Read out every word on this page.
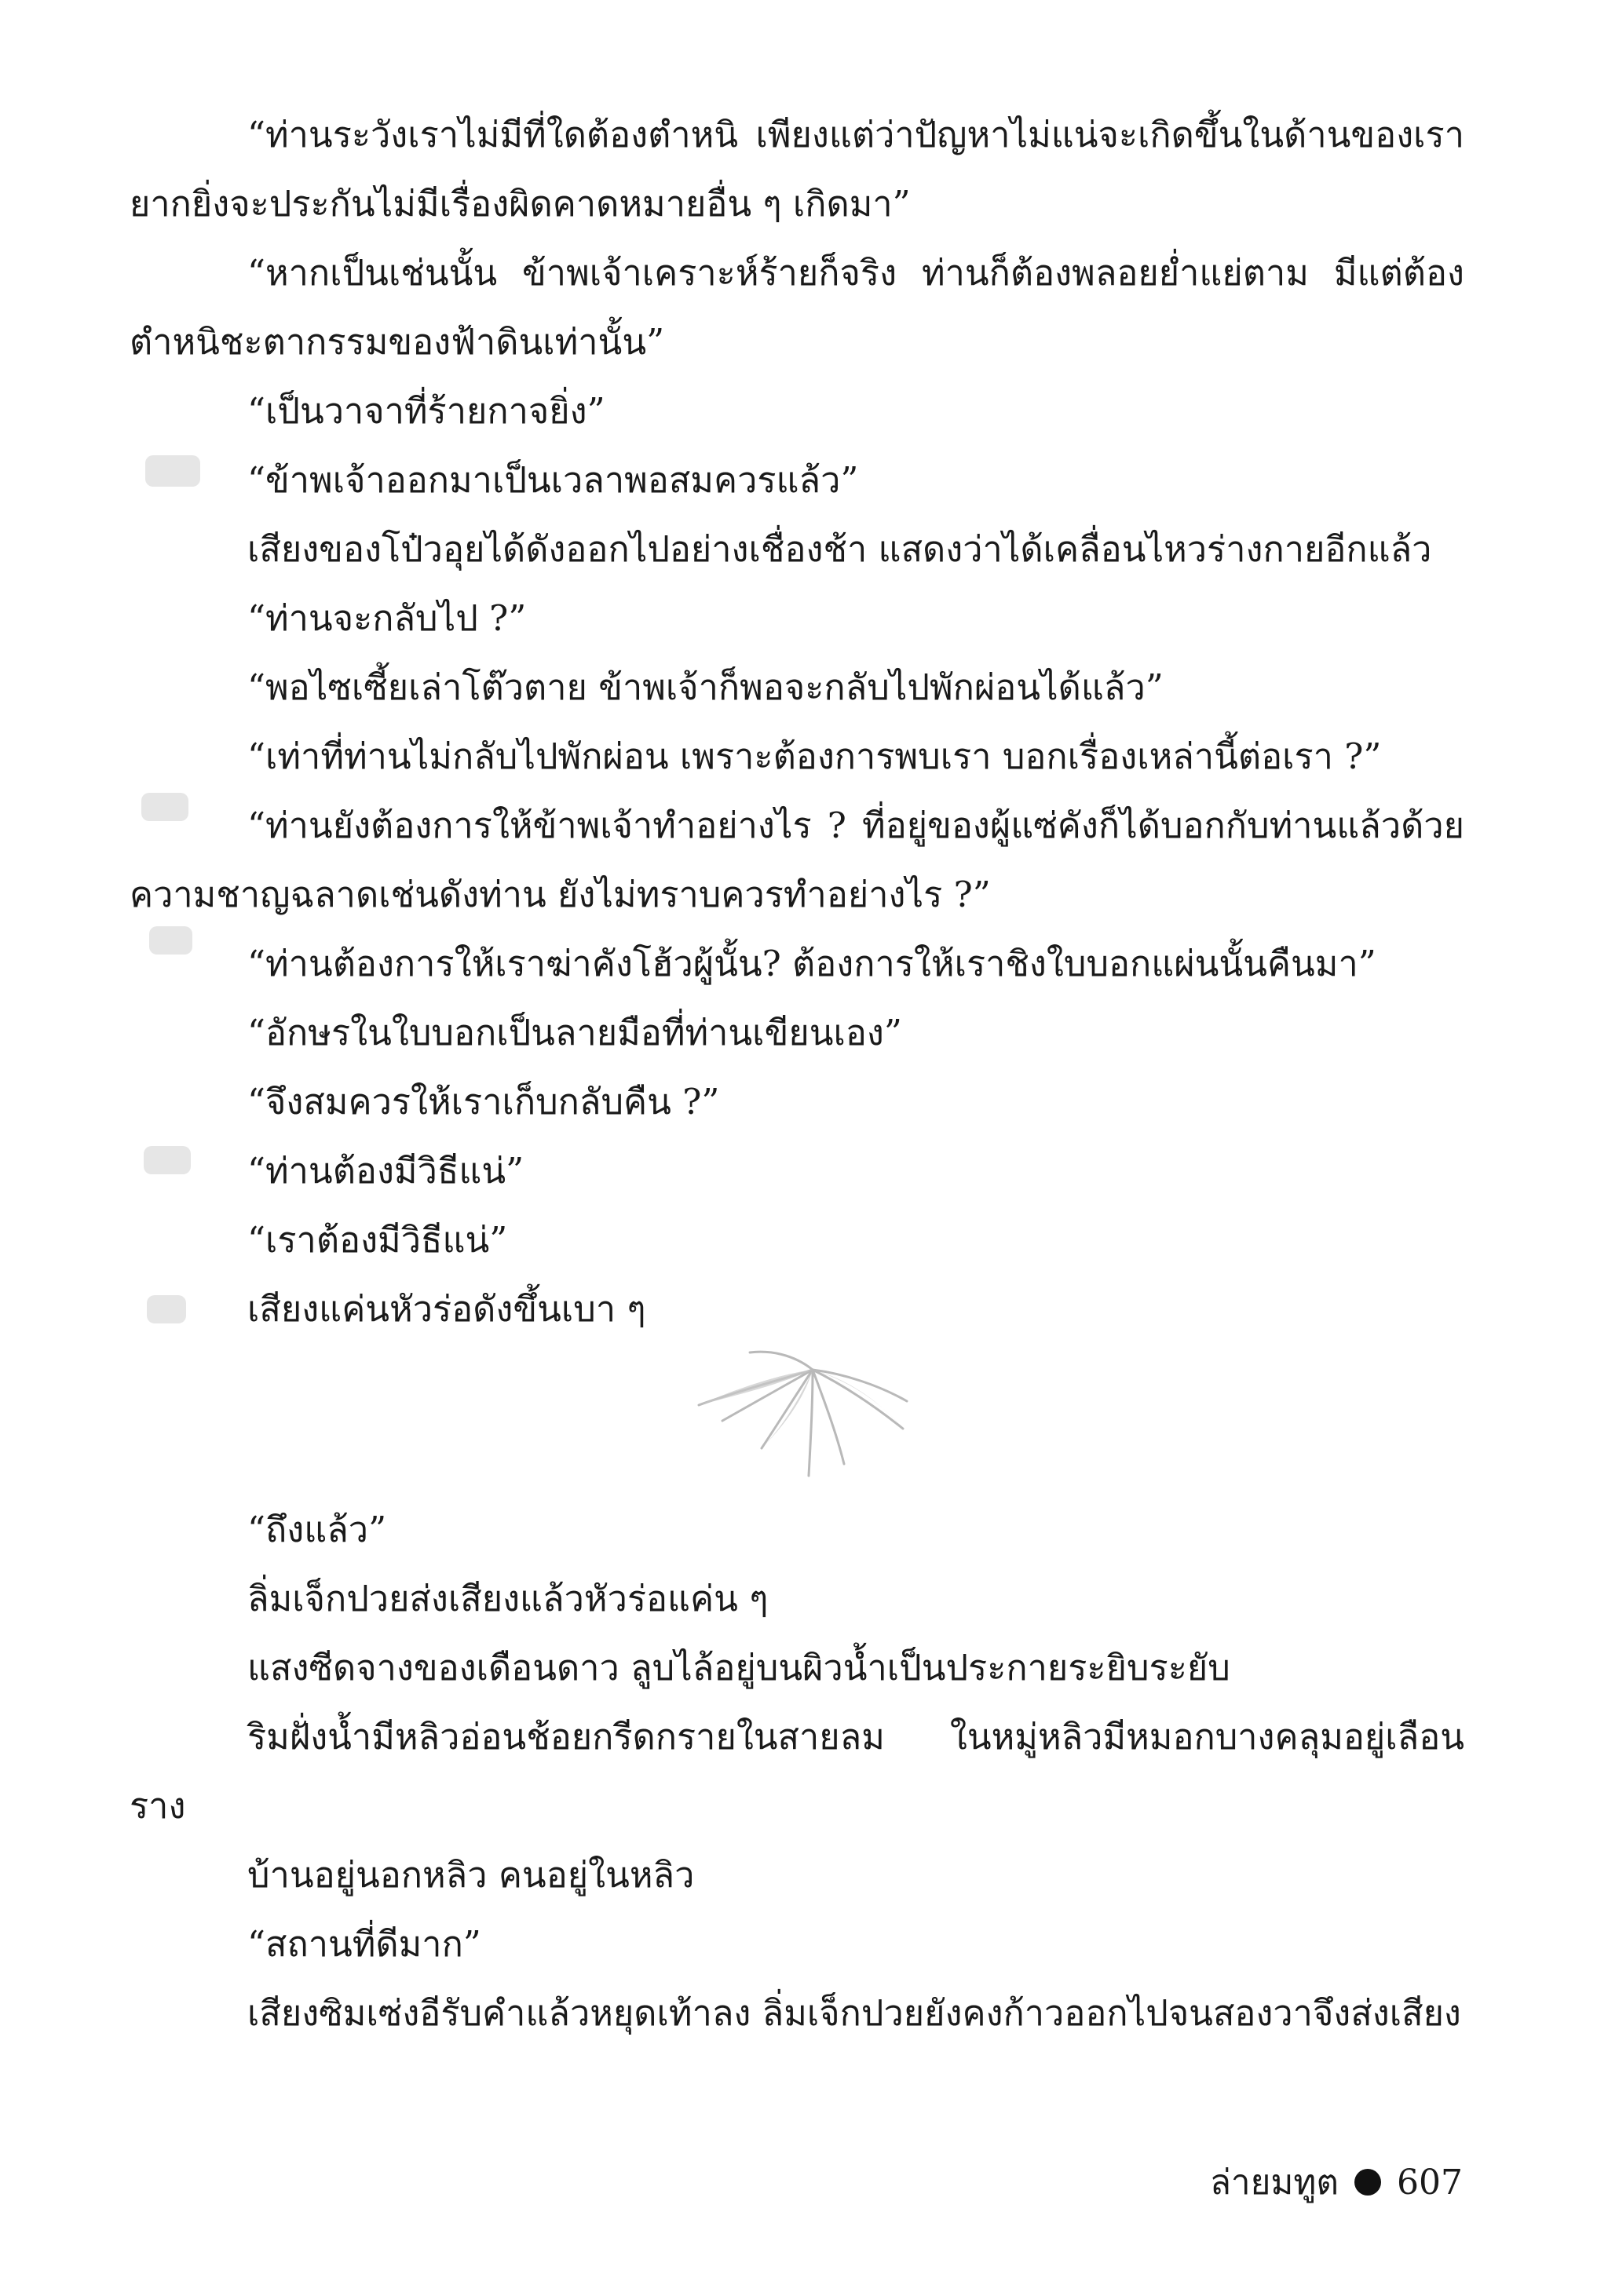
“ท่านระวังเราไม่มีที่ใดต้องตำหนิ เพียงแต่ว่าปัญหาไม่แน่จะเกิดขึ้นในด้านของเรา ยากยิ่งจะประกันไม่มีเรื่องผิดคาดหมายอื่น ๆ เกิดมา”

“หากเป็นเช่นนั้น ข้าพเจ้าเคราะห์ร้ายก็จริง ท่านก็ต้องพลอยย่ำแย่ตาม มีแต่ต้องตำหนิชะตากรรมของฟ้าดินเท่านั้น”

“เป็นวาจาที่ร้ายกาจยิ่ง”

“ข้าพเจ้าออกมาเป็นเวลาพอสมควรแล้ว”

เสียงของโป๋วอุยได้ดังออกไปอย่างเชื่องช้า แสดงว่าได้เคลื่อนไหวร่างกายอีกแล้ว

“ท่านจะกลับไป ?”

“พอไซเซี้ยเล่าโต๊วตาย ข้าพเจ้าก็พอจะกลับไปพักผ่อนได้แล้ว”

“เท่าที่ท่านไม่กลับไปพักผ่อน เพราะต้องการพบเรา บอกเรื่องเหล่านี้ต่อเรา ?”

“ท่านยังต้องการให้ข้าพเจ้าทำอย่างไร ? ที่อยู่ของผู้แซ่คังก็ได้บอกกับท่านแล้วด้วยความชาญฉลาดเช่นดังท่าน ยังไม่ทราบควรทำอย่างไร ?”

“ท่านต้องการให้เราฆ่าคังโฮ้วผู้นั้น? ต้องการให้เราชิงใบบอกแผ่นนั้นคืนมา”

“อักษรในใบบอกเป็นลายมือที่ท่านเขียนเอง”

“จึงสมควรให้เราเก็บกลับคืน ?”

“ท่านต้องมีวิธีแน่”

“เราต้องมีวิธีแน่”

เสียงแค่นหัวร่อดังขึ้นเบา ๆ

“ถึงแล้ว”

ลิ่มเจ็กปวยส่งเสียงแล้วหัวร่อแค่น ๆ

แสงซีดจางของเดือนดาว ลูบไล้อยู่บนผิวน้ำเป็นประกายระยิบระยับ

ริมฝั่งน้ำมีหลิวอ่อนช้อยกรีดกรายในสายลม ในหมู่หลิวมีหมอกบางคลุมอยู่เลือนราง

บ้านอยู่นอกหลิว คนอยู่ในหลิว

“สถานที่ดีมาก”

เสียงซิมเซ่งอีรับคำแล้วหยุดเท้าลง ลิ่มเจ็กปวยยังคงก้าวออกไปจนสองวาจึงส่งเสียง

ล่ายมทูต 607
